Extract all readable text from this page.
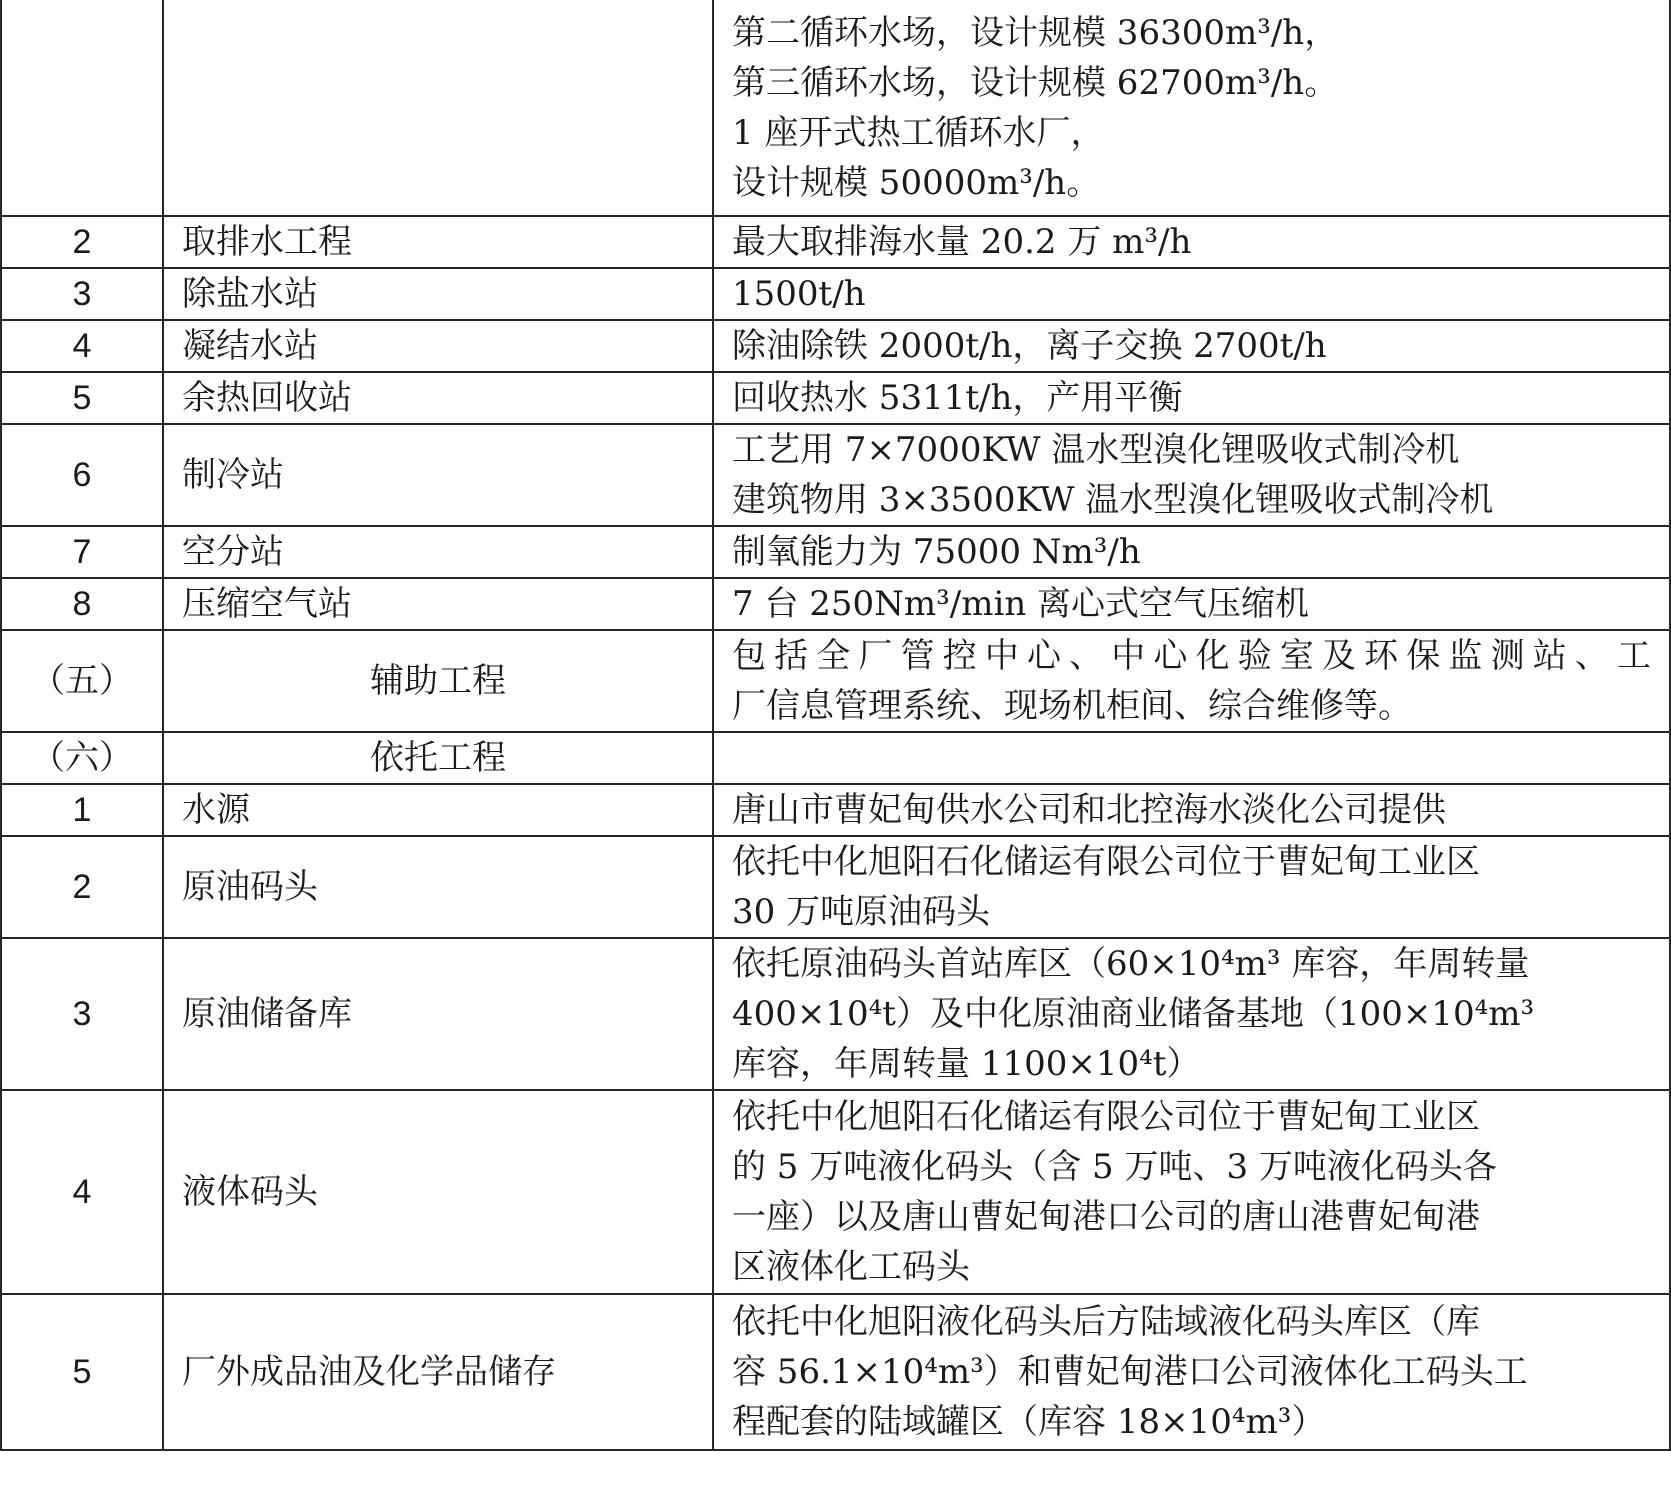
		第二循环水场，设计规模 36300m³/h，
第三循环水场，设计规模 62700m³/h。
1 座开式热工循环水厂，
设计规模 50000m³/h。

2	取排水工程	最大取排海水量 20.2 万 m³/h

3	除盐水站	1500t/h

4	凝结水站	除油除铁 2000t/h，离子交换 2700t/h

5	余热回收站	回收热水 5311t/h，产用平衡

6	制冷站	工艺用 7×7000KW 温水型溴化锂吸收式制冷机
建筑物用 3×3500KW 温水型溴化锂吸收式制冷机

7	空分站	制氧能力为 75000 Nm³/h

8	压缩空气站	7 台 250Nm³/min 离心式空气压缩机

（五）	辅助工程	包括全厂管控中心、中心化验室及环保监测站、工
厂信息管理系统、现场机柜间、综合维修等。

（六）	依托工程	

1	水源	唐山市曹妃甸供水公司和北控海水淡化公司提供

2	原油码头	依托中化旭阳石化储运有限公司位于曹妃甸工业区
30 万吨原油码头

3	原油储备库	依托原油码头首站库区（60×10⁴m³ 库容，年周转量
400×10⁴t）及中化原油商业储备基地（100×10⁴m³
库容，年周转量 1100×10⁴t）

4	液体码头	依托中化旭阳石化储运有限公司位于曹妃甸工业区
的 5 万吨液化码头（含 5 万吨、3 万吨液化码头各
一座）以及唐山曹妃甸港口公司的唐山港曹妃甸港
区液体化工码头

5	厂外成品油及化学品储存	依托中化旭阳液化码头后方陆域液化码头库区（库
容 56.1×10⁴m³）和曹妃甸港口公司液体化工码头工
程配套的陆域罐区（库容 18×10⁴m³）
